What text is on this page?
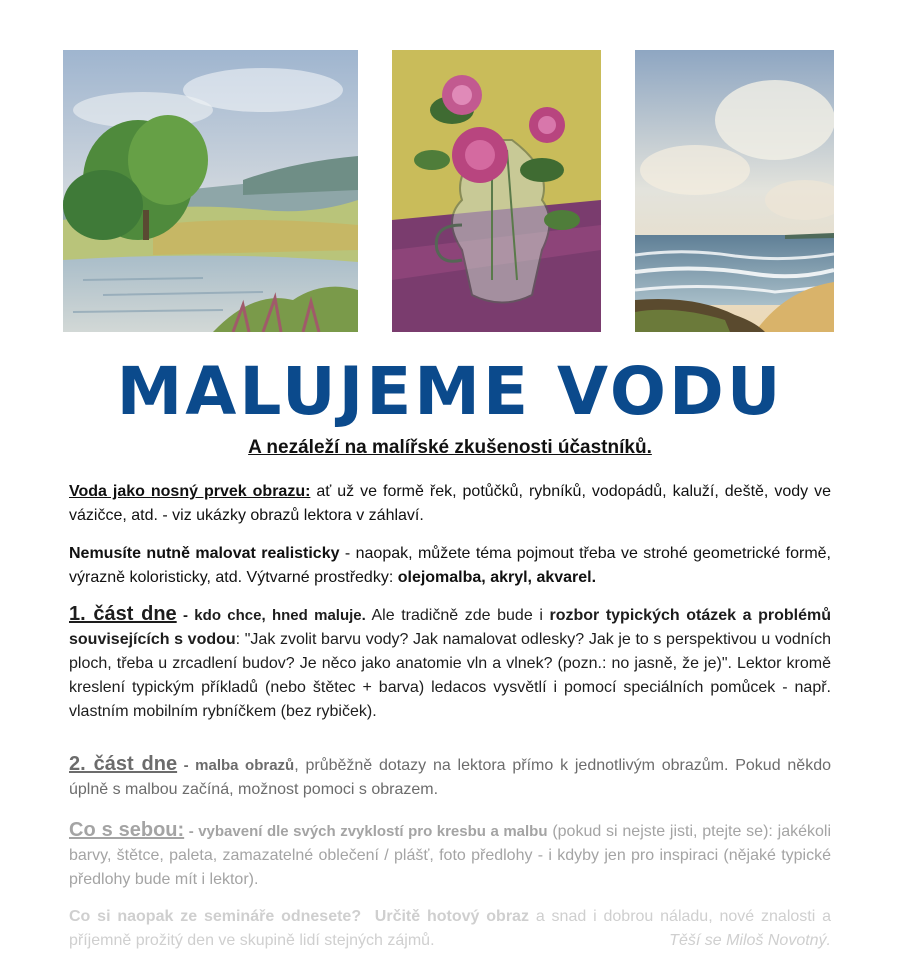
MALUJEME VODU
A nezáleží na malířské zkušenosti účastníků.
Voda jako nosný prvek obrazu: ať už ve formě řek, potůčků, rybníků, vodopádů, kaluží, deště, vody ve vázičce, atd. - viz ukázky obrazů lektora v záhlaví.
Nemusíte nutně malovat realisticky - naopak, můžete téma pojmout třeba ve strohé geometrické formě, výrazně koloristicky, atd. Výtvarné prostředky: olejomalba, akryl, akvarel.
1. část dne - kdo chce, hned maluje. Ale tradičně zde bude i rozbor typických otázek a problémů souvisejících s vodou: "Jak zvolit barvu vody? Jak namalovat odlesky? Jak je to s perspektivou u vodních ploch, třeba u zrcadlení budov? Je něco jako anatomie vln a vlnek? (pozn.: no jasně, že je)". Lektor kromě kreslení typickým příkladů (nebo štětec + barva) ledacos vysvětlí i pomocí speciálních pomůcek - např. vlastním mobilním rybníčkem (bez rybiček).
2. část dne - malba obrazů, průběžně dotazy na lektora přímo k jednotlivým obrazům. Pokud někdo úplně s malbou začíná, možnost pomoci s obrazem.
Co s sebou: - vybavení dle svých zvyklostí pro kresbu a malbu (pokud si nejste jisti, ptejte se): jakékoli barvy, štětce, paleta, zamazatelné oblečení / plášť, foto předlohy - i kdyby jen pro inspiraci (nějaké typické předlohy bude mít i lektor).
Co si naopak ze semináře odnesete? Určitě hotový obraz a snad i dobrou náladu, nové znalosti a příjemně prožitý den ve skupině lidí stejných zájmů.	Těší se Miloš Novotný.
